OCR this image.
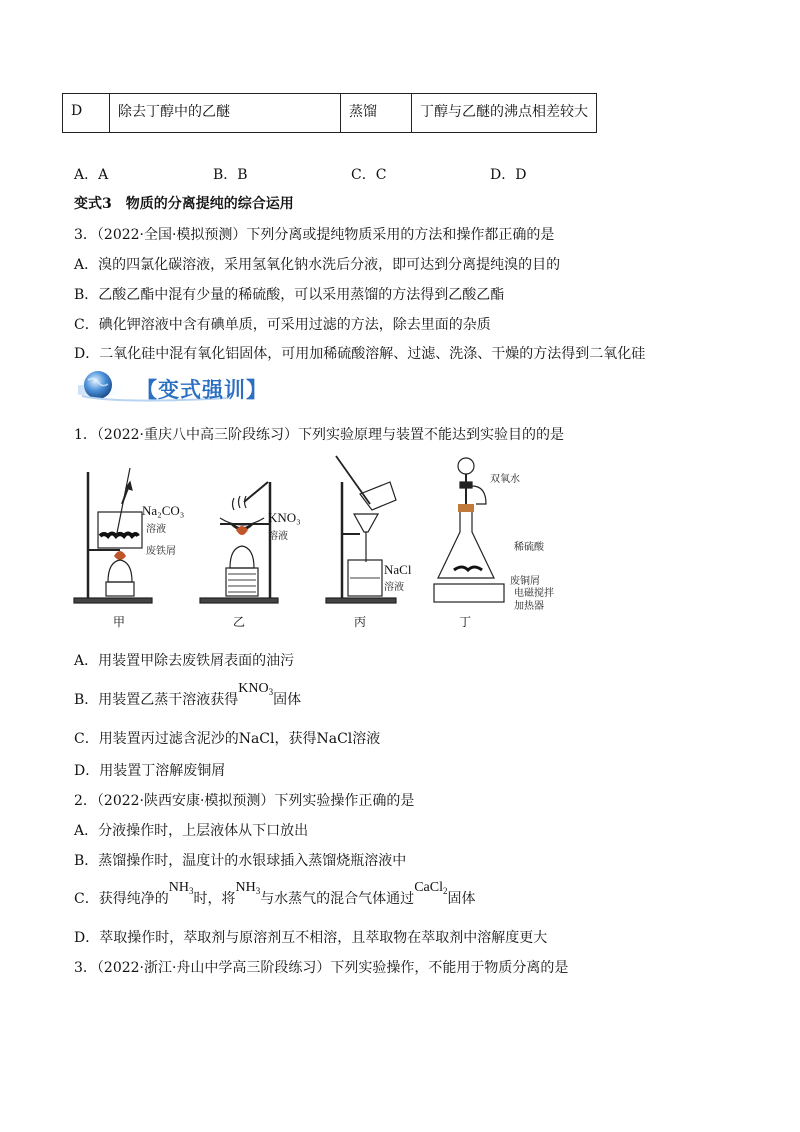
D	除去丁醇中的乙醚	蒸馏	丁醇与乙醚的沸点相差较大
A．A	B．B	C．C	D．D
变式3 物质的分离提纯的综合运用
3．（2022·全国·模拟预测）下列分离或提纯物质采用的方法和操作都正确的是
A．溴的四氯化碳溶液，采用氢氧化钠水洗后分液，即可达到分离提纯溴的目的
B．乙酸乙酯中混有少量的稀硫酸，可以采用蒸馏的方法得到乙酸乙酯
C．碘化钾溶液中含有碘单质，可采用过滤的方法，除去里面的杂质
D．二氧化硅中混有氧化铝固体，可用加稀硫酸溶解、过滤、洗涤、干燥的方法得到二氧化硅
【变式强训】
1．（2022·重庆八中高三阶段练习）下列实验原理与装置不能达到实验目的的是
Na₂CO₃
溶液
废铁屑
KNO₃
溶液
NaCl
溶液
双氧水
稀硫酸
废铜屑
电磁搅拌
加热器
甲	乙	丙	丁
A．用装置甲除去废铁屑表面的油污
B．用装置乙蒸干溶液获得$KNO_3$固体
C．用装置丙过滤含泥沙的NaCl，获得NaCl溶液
D．用装置丁溶解废铜屑
2．（2022·陕西安康·模拟预测）下列实验操作正确的是
A．分液操作时，上层液体从下口放出
B．蒸馏操作时，温度计的水银球插入蒸馏烧瓶溶液中
C．获得纯净的$NH_3$时，将$NH_3$与水蒸气的混合气体通过CaCl$_2$固体
D．萃取操作时，萃取剂与原溶剂互不相溶，且萃取物在萃取剂中溶解度更大
3．（2022·浙江·舟山中学高三阶段练习）下列实验操作，不能用于物质分离的是
